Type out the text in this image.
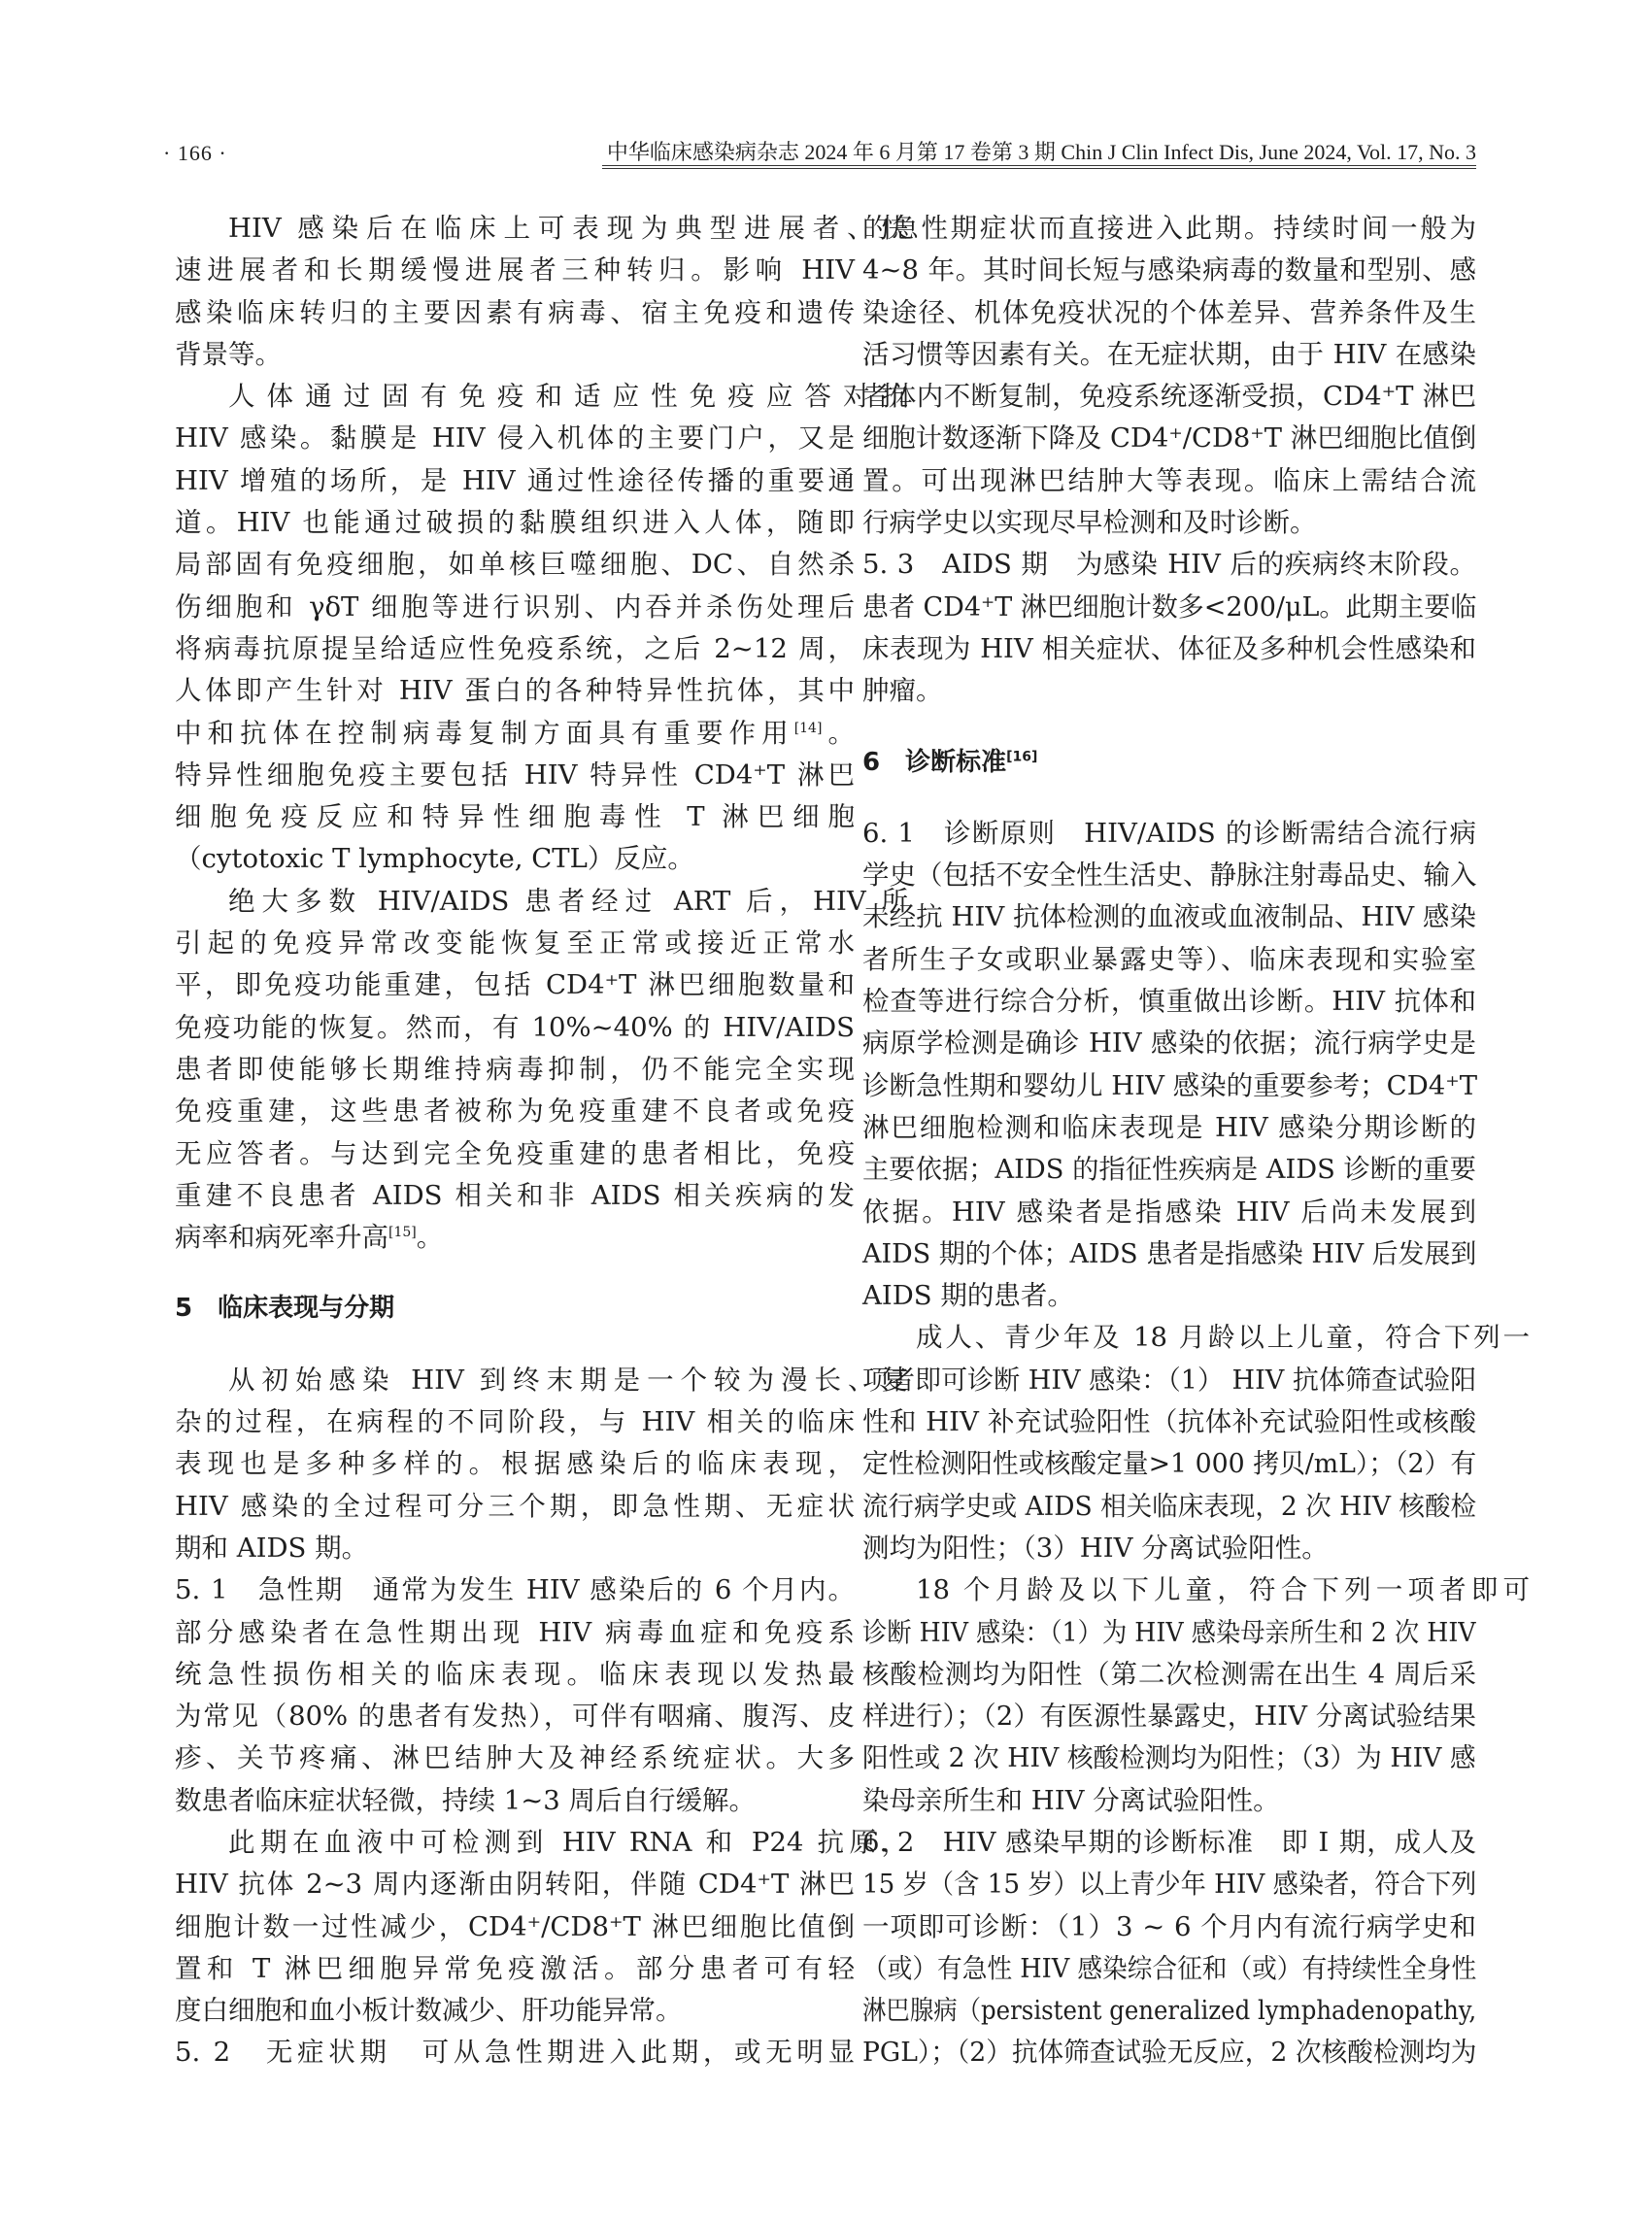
· 166 ·	中华临床感染病杂志 2024 年 6 月第 17 卷第 3 期 Chin J Clin Infect Dis, June 2024, Vol. 17, No. 3
HIV 感染后在临床上可表现为典型进展者、快
速进展者和长期缓慢进展者三种转归。影响 HIV
感染临床转归的主要因素有病毒、宿主免疫和遗传
背景等。
人体通过固有免疫和适应性免疫应答对抗
HIV 感染。黏膜是 HIV 侵入机体的主要门户，又是
HIV 增殖的场所，是 HIV 通过性途径传播的重要通
道。HIV 也能通过破损的黏膜组织进入人体，随即
局部固有免疫细胞，如单核巨噬细胞、DC、自然杀
伤细胞和 γδT 细胞等进行识别、内吞并杀伤处理后
将病毒抗原提呈给适应性免疫系统，之后 2~12 周，
人体即产生针对 HIV 蛋白的各种特异性抗体，其中
中和抗体在控制病毒复制方面具有重要作用[14]。
特异性细胞免疫主要包括 HIV 特异性 CD4⁺T 淋巴
细胞免疫反应和特异性细胞毒性 T 淋巴细胞
（cytotoxic T lymphocyte, CTL）反应。
绝大多数 HIV/AIDS 患者经过 ART 后，HIV 所
引起的免疫异常改变能恢复至正常或接近正常水
平，即免疫功能重建，包括 CD4⁺T 淋巴细胞数量和
免疫功能的恢复。然而，有 10%~40% 的 HIV/AIDS
患者即使能够长期维持病毒抑制，仍不能完全实现
免疫重建，这些患者被称为免疫重建不良者或免疫
无应答者。与达到完全免疫重建的患者相比，免疫
重建不良患者 AIDS 相关和非 AIDS 相关疾病的发
病率和病死率升高[15]。
5　临床表现与分期
从初始感染 HIV 到终末期是一个较为漫长、复
杂的过程，在病程的不同阶段，与 HIV 相关的临床
表现也是多种多样的。根据感染后的临床表现，
HIV 感染的全过程可分三个期，即急性期、无症状
期和 AIDS 期。
5. 1　急性期　通常为发生 HIV 感染后的 6 个月内。
部分感染者在急性期出现 HIV 病毒血症和免疫系
统急性损伤相关的临床表现。临床表现以发热最
为常见（80% 的患者有发热），可伴有咽痛、腹泻、皮
疹、关节疼痛、淋巴结肿大及神经系统症状。大多
数患者临床症状轻微，持续 1~3 周后自行缓解。
此期在血液中可检测到 HIV RNA 和 P24 抗原，
HIV 抗体 2~3 周内逐渐由阴转阳，伴随 CD4⁺T 淋巴
细胞计数一过性减少，CD4⁺/CD8⁺T 淋巴细胞比值倒
置和 T 淋巴细胞异常免疫激活。部分患者可有轻
度白细胞和血小板计数减少、肝功能异常。
5. 2　无症状期　可从急性期进入此期，或无明显
的急性期症状而直接进入此期。持续时间一般为
4~8 年。其时间长短与感染病毒的数量和型别、感
染途径、机体免疫状况的个体差异、营养条件及生
活习惯等因素有关。在无症状期，由于 HIV 在感染
者体内不断复制，免疫系统逐渐受损，CD4⁺T 淋巴
细胞计数逐渐下降及 CD4⁺/CD8⁺T 淋巴细胞比值倒
置。可出现淋巴结肿大等表现。临床上需结合流
行病学史以实现尽早检测和及时诊断。
5. 3　AIDS 期　为感染 HIV 后的疾病终末阶段。
患者 CD4⁺T 淋巴细胞计数多<200/μL。此期主要临
床表现为 HIV 相关症状、体征及多种机会性感染和
肿瘤。
6　诊断标准[16]
6. 1　诊断原则　HIV/AIDS 的诊断需结合流行病
学史（包括不安全性生活史、静脉注射毒品史、输入
未经抗 HIV 抗体检测的血液或血液制品、HIV 感染
者所生子女或职业暴露史等）、临床表现和实验室
检查等进行综合分析，慎重做出诊断。HIV 抗体和
病原学检测是确诊 HIV 感染的依据；流行病学史是
诊断急性期和婴幼儿 HIV 感染的重要参考；CD4⁺T
淋巴细胞检测和临床表现是 HIV 感染分期诊断的
主要依据；AIDS 的指征性疾病是 AIDS 诊断的重要
依据。HIV 感染者是指感染 HIV 后尚未发展到
AIDS 期的个体；AIDS 患者是指感染 HIV 后发展到
AIDS 期的患者。
成人、青少年及 18 月龄以上儿童，符合下列一
项者即可诊断 HIV 感染：（1） HIV 抗体筛查试验阳
性和 HIV 补充试验阳性（抗体补充试验阳性或核酸
定性检测阳性或核酸定量>1 000 拷贝/mL）；（2）有
流行病学史或 AIDS 相关临床表现，2 次 HIV 核酸检
测均为阳性；（3）HIV 分离试验阳性。
18 个月龄及以下儿童，符合下列一项者即可
诊断 HIV 感染：（1）为 HIV 感染母亲所生和 2 次 HIV
核酸检测均为阳性（第二次检测需在出生 4 周后采
样进行）；（2）有医源性暴露史，HIV 分离试验结果
阳性或 2 次 HIV 核酸检测均为阳性；（3）为 HIV 感
染母亲所生和 HIV 分离试验阳性。
6. 2　HIV 感染早期的诊断标准　即 Ⅰ 期，成人及
15 岁（含 15 岁）以上青少年 HIV 感染者，符合下列
一项即可诊断：（1）3 ~ 6 个月内有流行病学史和
（或）有急性 HIV 感染综合征和（或）有持续性全身性
淋巴腺病（persistent generalized lymphadenopathy,
PGL）；（2）抗体筛查试验无反应，2 次核酸检测均为
